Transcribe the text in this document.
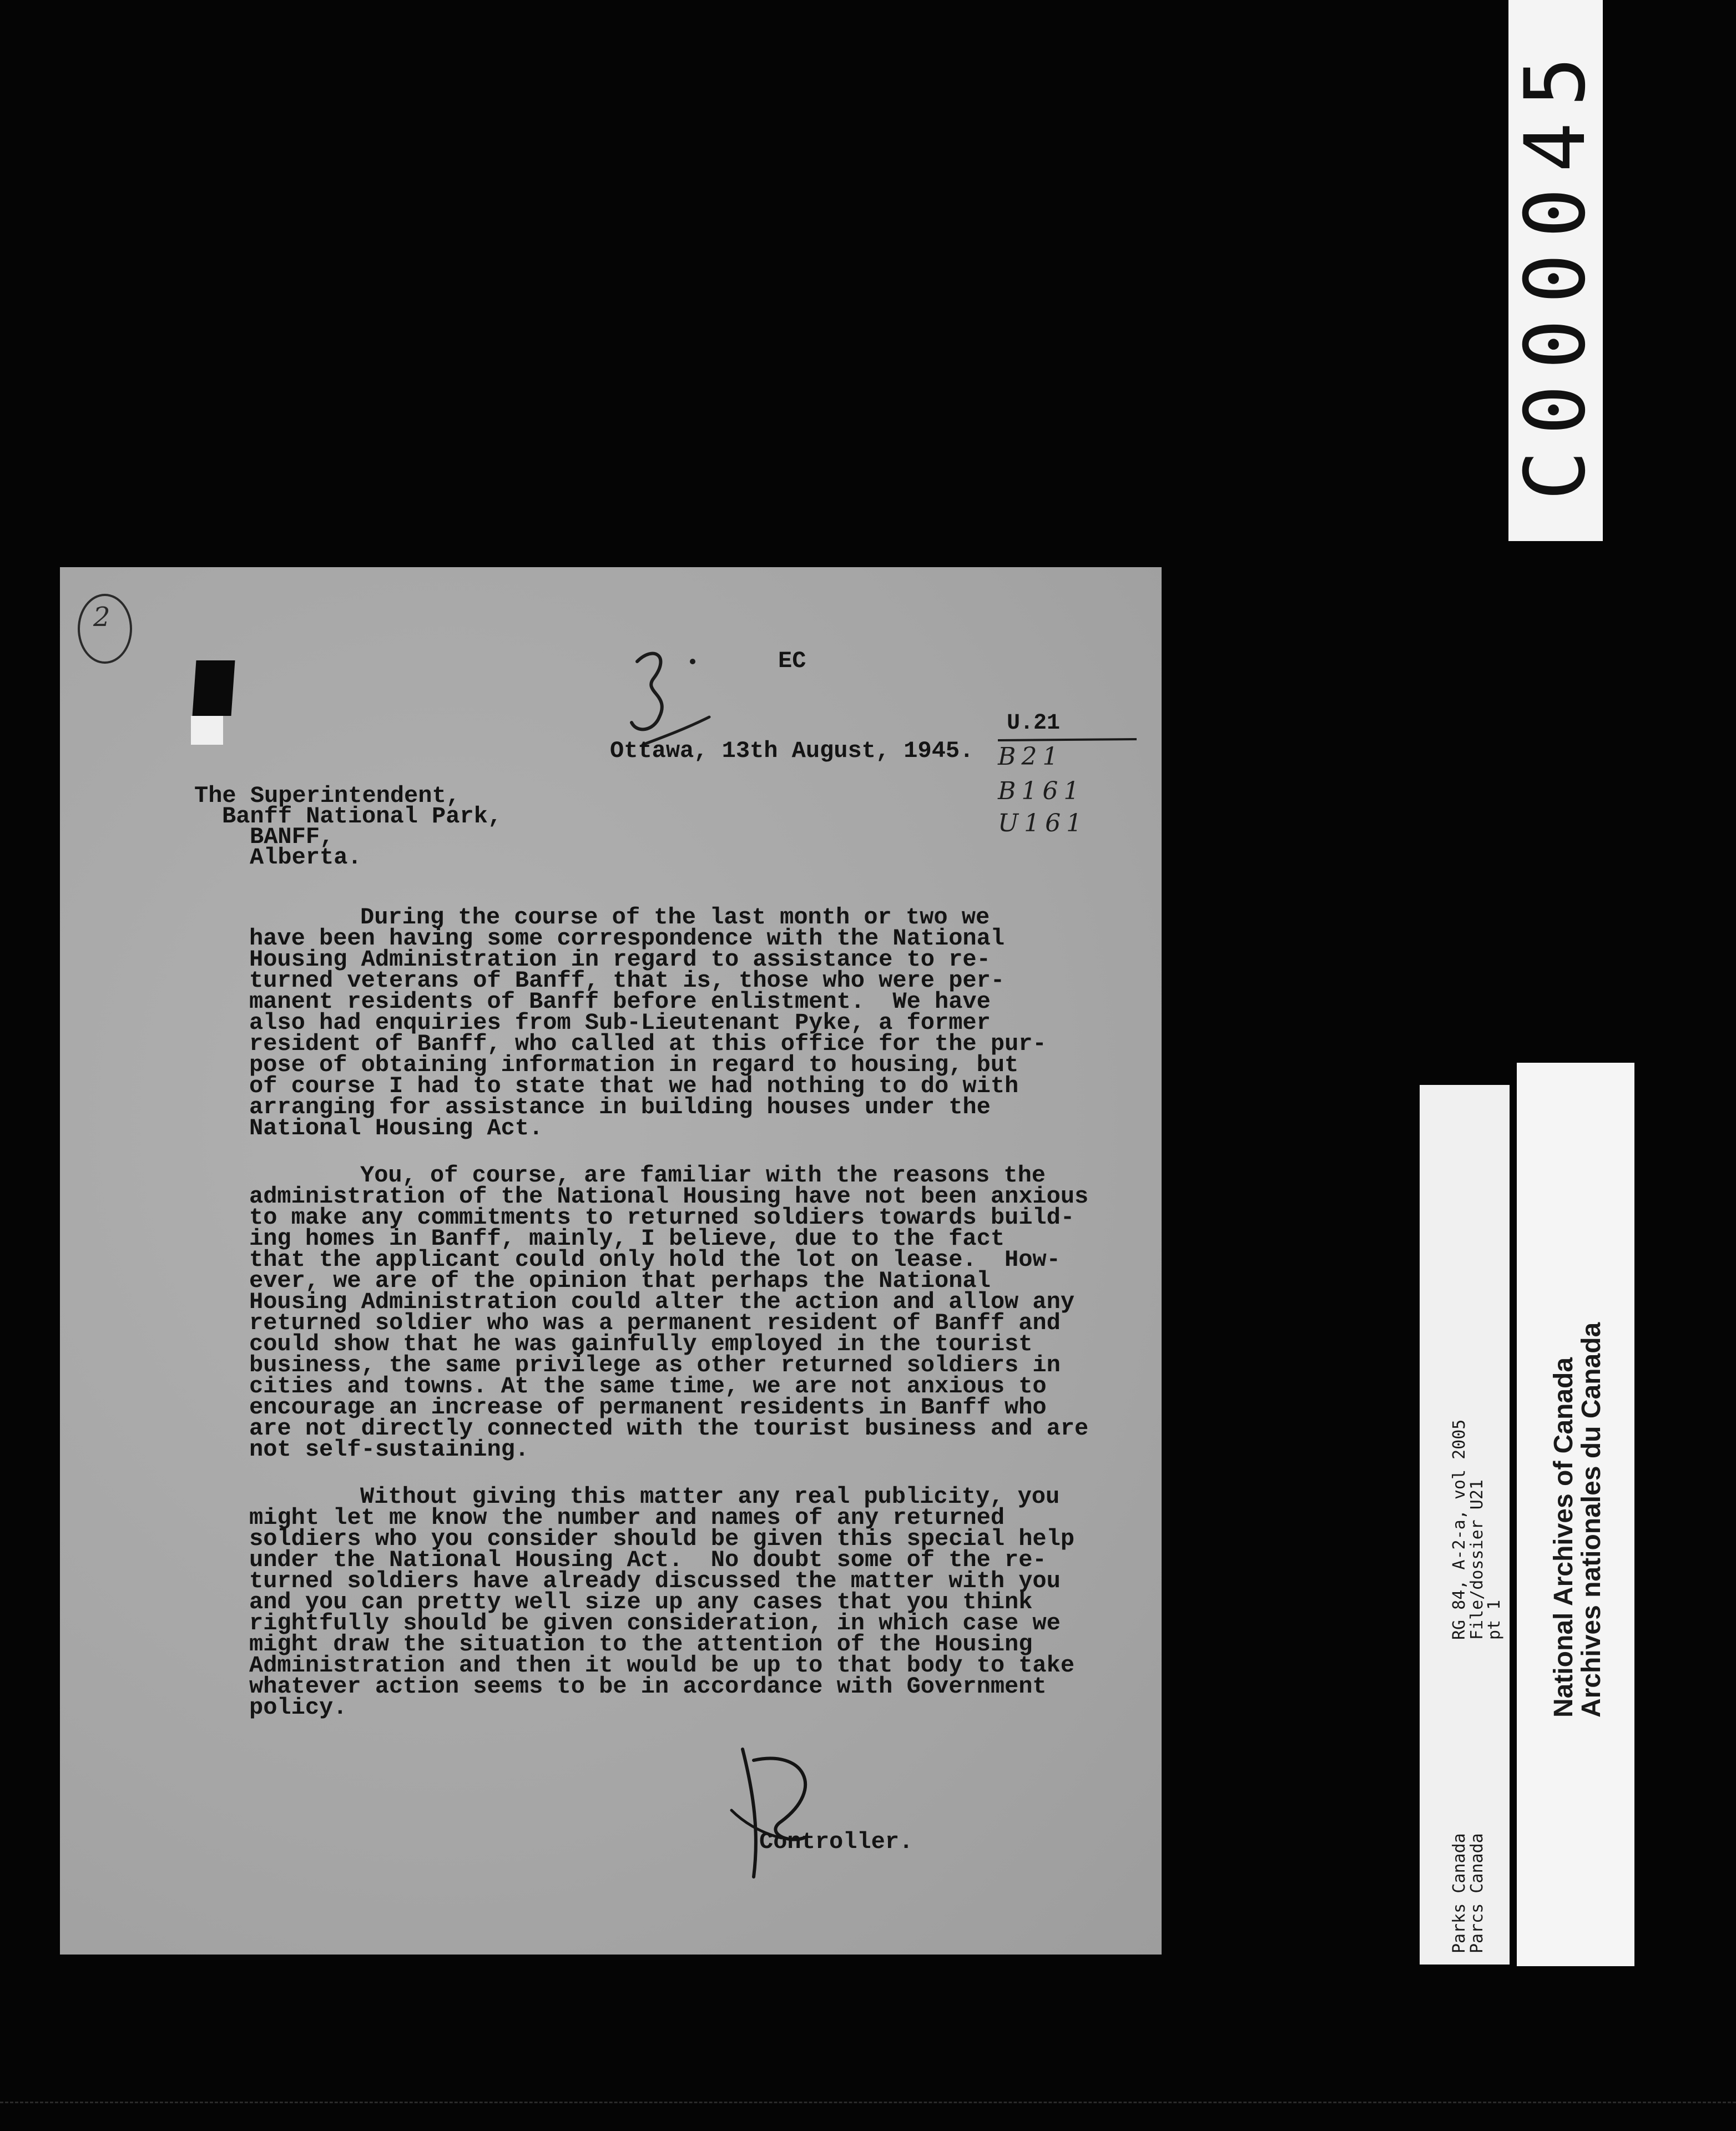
C000045
2
EC
U.21
Ottawa, 13th August, 1945. B21
B161
U161
The Superintendent,
Banff National Park,
BANFF,
Alberta.
During the course of the last month or two we
have been having some correspondence with the National
Housing Administration in regard to assistance to re-
turned veterans of Banff, that is, those who were per-
manent residents of Banff before enlistment.  We have
also had enquiries from Sub-Lieutenant Pyke, a former
resident of Banff, who called at this office for the pur-
pose of obtaining information in regard to housing, but
of course I had to state that we had nothing to do with
arranging for assistance in building houses under the
National Housing Act.
You, of course, are familiar with the reasons the
administration of the National Housing have not been anxious
to make any commitments to returned soldiers towards build-
ing homes in Banff, mainly, I believe, due to the fact
that the applicant could only hold the lot on lease.  How-
ever, we are of the opinion that perhaps the National
Housing Administration could alter the action and allow any
returned soldier who was a permanent resident of Banff and
could show that he was gainfully employed in the tourist
business, the same privilege as other returned soldiers in
cities and towns. At the same time, we are not anxious to
encourage an increase of permanent residents in Banff who
are not directly connected with the tourist business and are
not self-sustaining.
Without giving this matter any real publicity, you
might let me know the number and names of any returned
soldiers who you consider should be given this special help
under the National Housing Act.  No doubt some of the re-
turned soldiers have already discussed the matter with you
and you can pretty well size up any cases that you think
rightfully should be given consideration, in which case we
might draw the situation to the attention of the Housing
Administration and then it would be up to that body to take
whatever action seems to be in accordance with Government
policy.
Controller.
RG 84, A-2-a, vol 2005
File/dossier U21
pt 1
Parks Canada
Parcs Canada
National Archives of Canada
Archives nationales du Canada
